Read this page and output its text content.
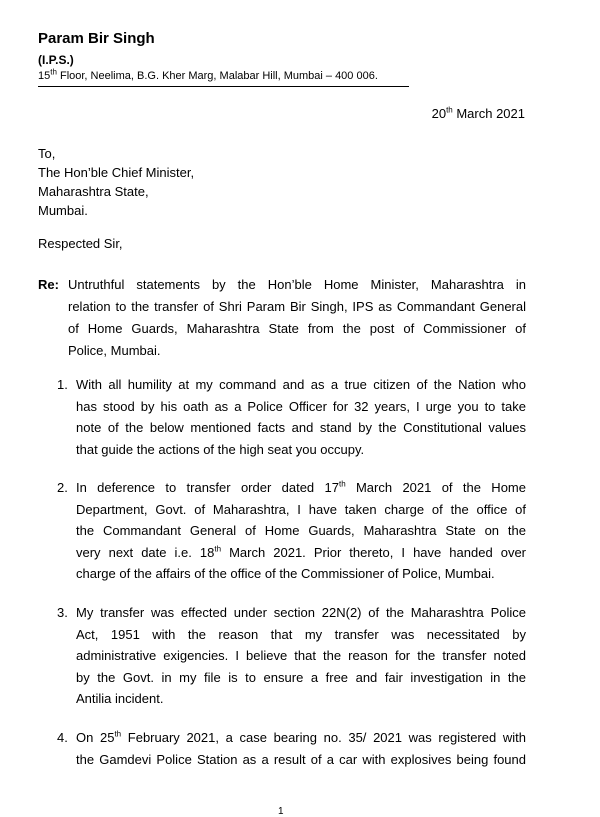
Param Bir Singh
(I.P.S.)
15th Floor, Neelima, B.G. Kher Marg, Malabar Hill, Mumbai – 400 006.
20th March 2021
To,
The Hon’ble Chief Minister,
Maharashtra State,
Mumbai.
Respected Sir,
Re: Untruthful statements by the Hon’ble Home Minister, Maharashtra in
relation to the transfer of Shri Param Bir Singh, IPS as Commandant General
of Home Guards, Maharashtra State from the post of Commissioner of
Police, Mumbai.
1. With all humility at my command and as a true citizen of the Nation who
has stood by his oath as a Police Officer for 32 years, I urge you to take
note of the below mentioned facts and stand by the Constitutional values
that guide the actions of the high seat you occupy.
2. In deference to transfer order dated 17th March 2021 of the Home
Department, Govt. of Maharashtra, I have taken charge of the office of
the Commandant General of Home Guards, Maharashtra State on the
very next date i.e. 18th March 2021. Prior thereto, I have handed over
charge of the affairs of the office of the Commissioner of Police, Mumbai.
3. My transfer was effected under section 22N(2) of the Maharashtra Police
Act, 1951 with the reason that my transfer was necessitated by
administrative exigencies. I believe that the reason for the transfer noted
by the Govt. in my file is to ensure a free and fair investigation in the
Antilia incident.
4. On 25th February 2021, a case bearing no. 35/ 2021 was registered with
the Gamdevi Police Station as a result of a car with explosives being found
1
